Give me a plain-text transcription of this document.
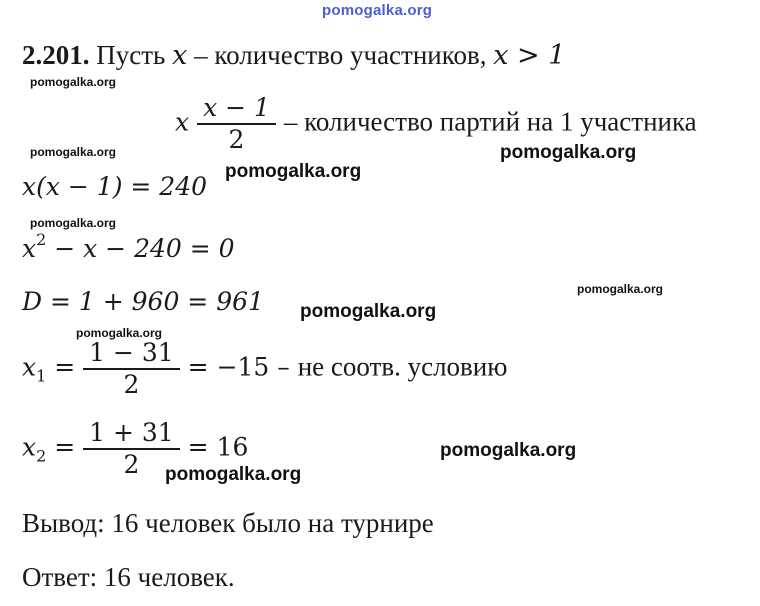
pomogalka.org
pomogalka.org
pomogalka.org	pomogalka.org
pomogalka.org
pomogalka.org
pomogalka.org
pomogalka.org
pomogalka.org
pomogalka.org
pomogalka.org
2.201. Пусть x – количество участников, x > 1
x $\frac{x - 1}{2}$ – количество партий на 1 участника
x(x − 1) = 240
$x^2 - x - 240 = 0$
D = 1 + 960 = 961
$x_1 = \frac{1 - 31}{2} = -15$ – не соотв. условию
$x_2 = \frac{1 + 31}{2} = 16$
Вывод: 16 человек было на турнире
Ответ: 16 человек.
